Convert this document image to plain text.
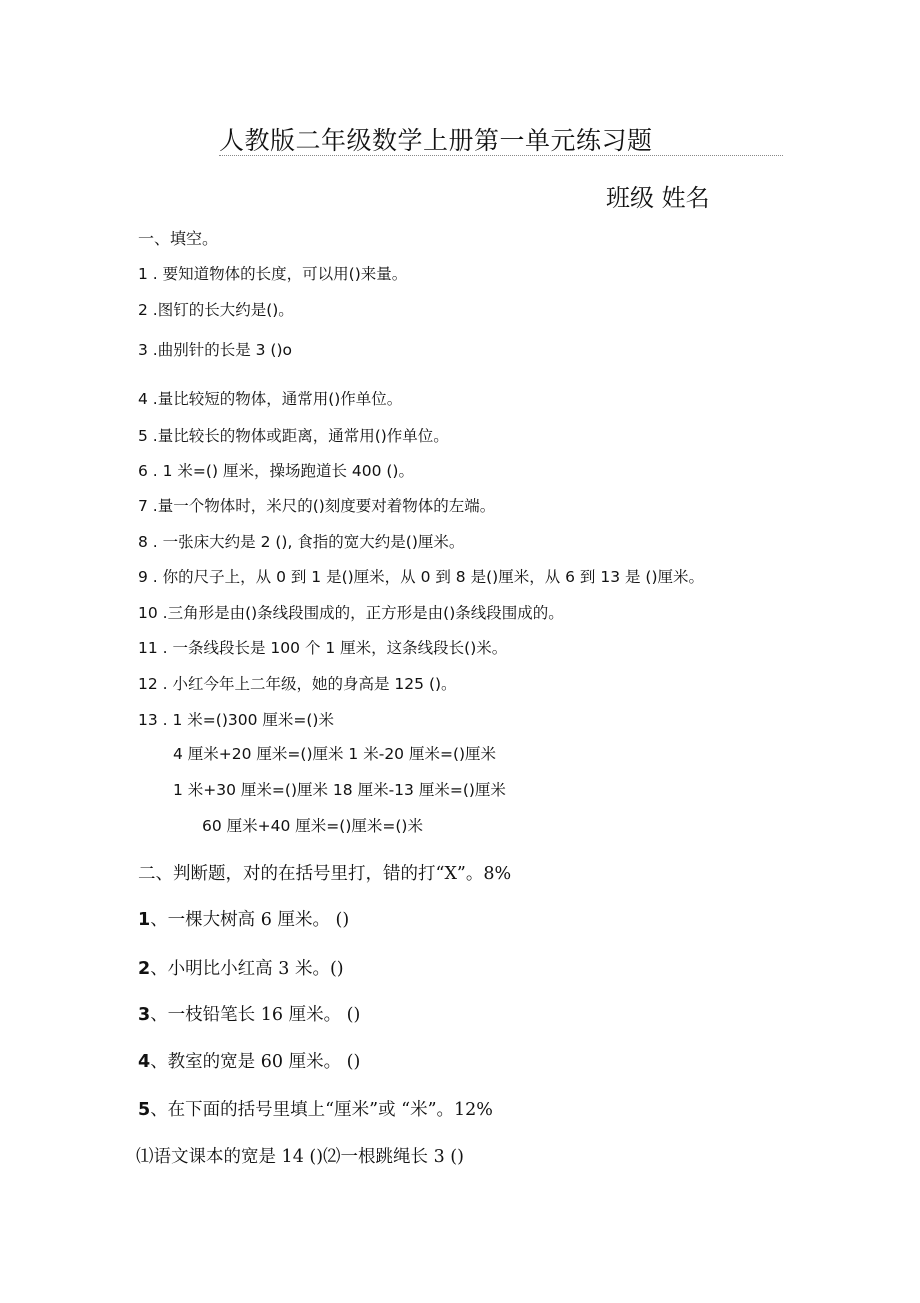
人教版二年级数学上册第一单元练习题
班级 姓名
一、填空。
1 . 要知道物体的长度，可以用()来量。
2 .图钉的长大约是()。
3 .曲别针的长是 3 ()o
4 .量比较短的物体，通常用()作单位。
5 .量比较长的物体或距离，通常用()作单位。
6 . 1 米=() 厘米，操场跑道长 400 ()。
7 .量一个物体时，米尺的()刻度要对着物体的左端。
8 . 一张床大约是 2 (), 食指的宽大约是()厘米。
9 . 你的尺子上，从 0 到 1 是()厘米，从 0 到 8 是()厘米，从 6 到 13 是 ()厘米。
10 .三角形是由()条线段围成的，正方形是由()条线段围成的。
11 . 一条线段长是 100 个 1 厘米，这条线段长()米。
12 . 小红今年上二年级，她的身高是 125 ()。
13 . 1 米=()300 厘米=()米
4 厘米+20 厘米=()厘米 1 米-20 厘米=()厘米
1 米+30 厘米=()厘米 18 厘米-13 厘米=()厘米
60 厘米+40 厘米=()厘米=()米
二、判断题，对的在括号里打，错的打“X”。8%
1、一棵大树高 6 厘米。 ()
2、小明比小红高 3 米。()
3、一枝铅笔长 16 厘米。 ()
4、教室的宽是 60 厘米。 ()
5、在下面的括号里填上“厘米”或 “米”。12%
⑴语文课本的宽是 14 ()⑵一根跳绳长 3 ()
